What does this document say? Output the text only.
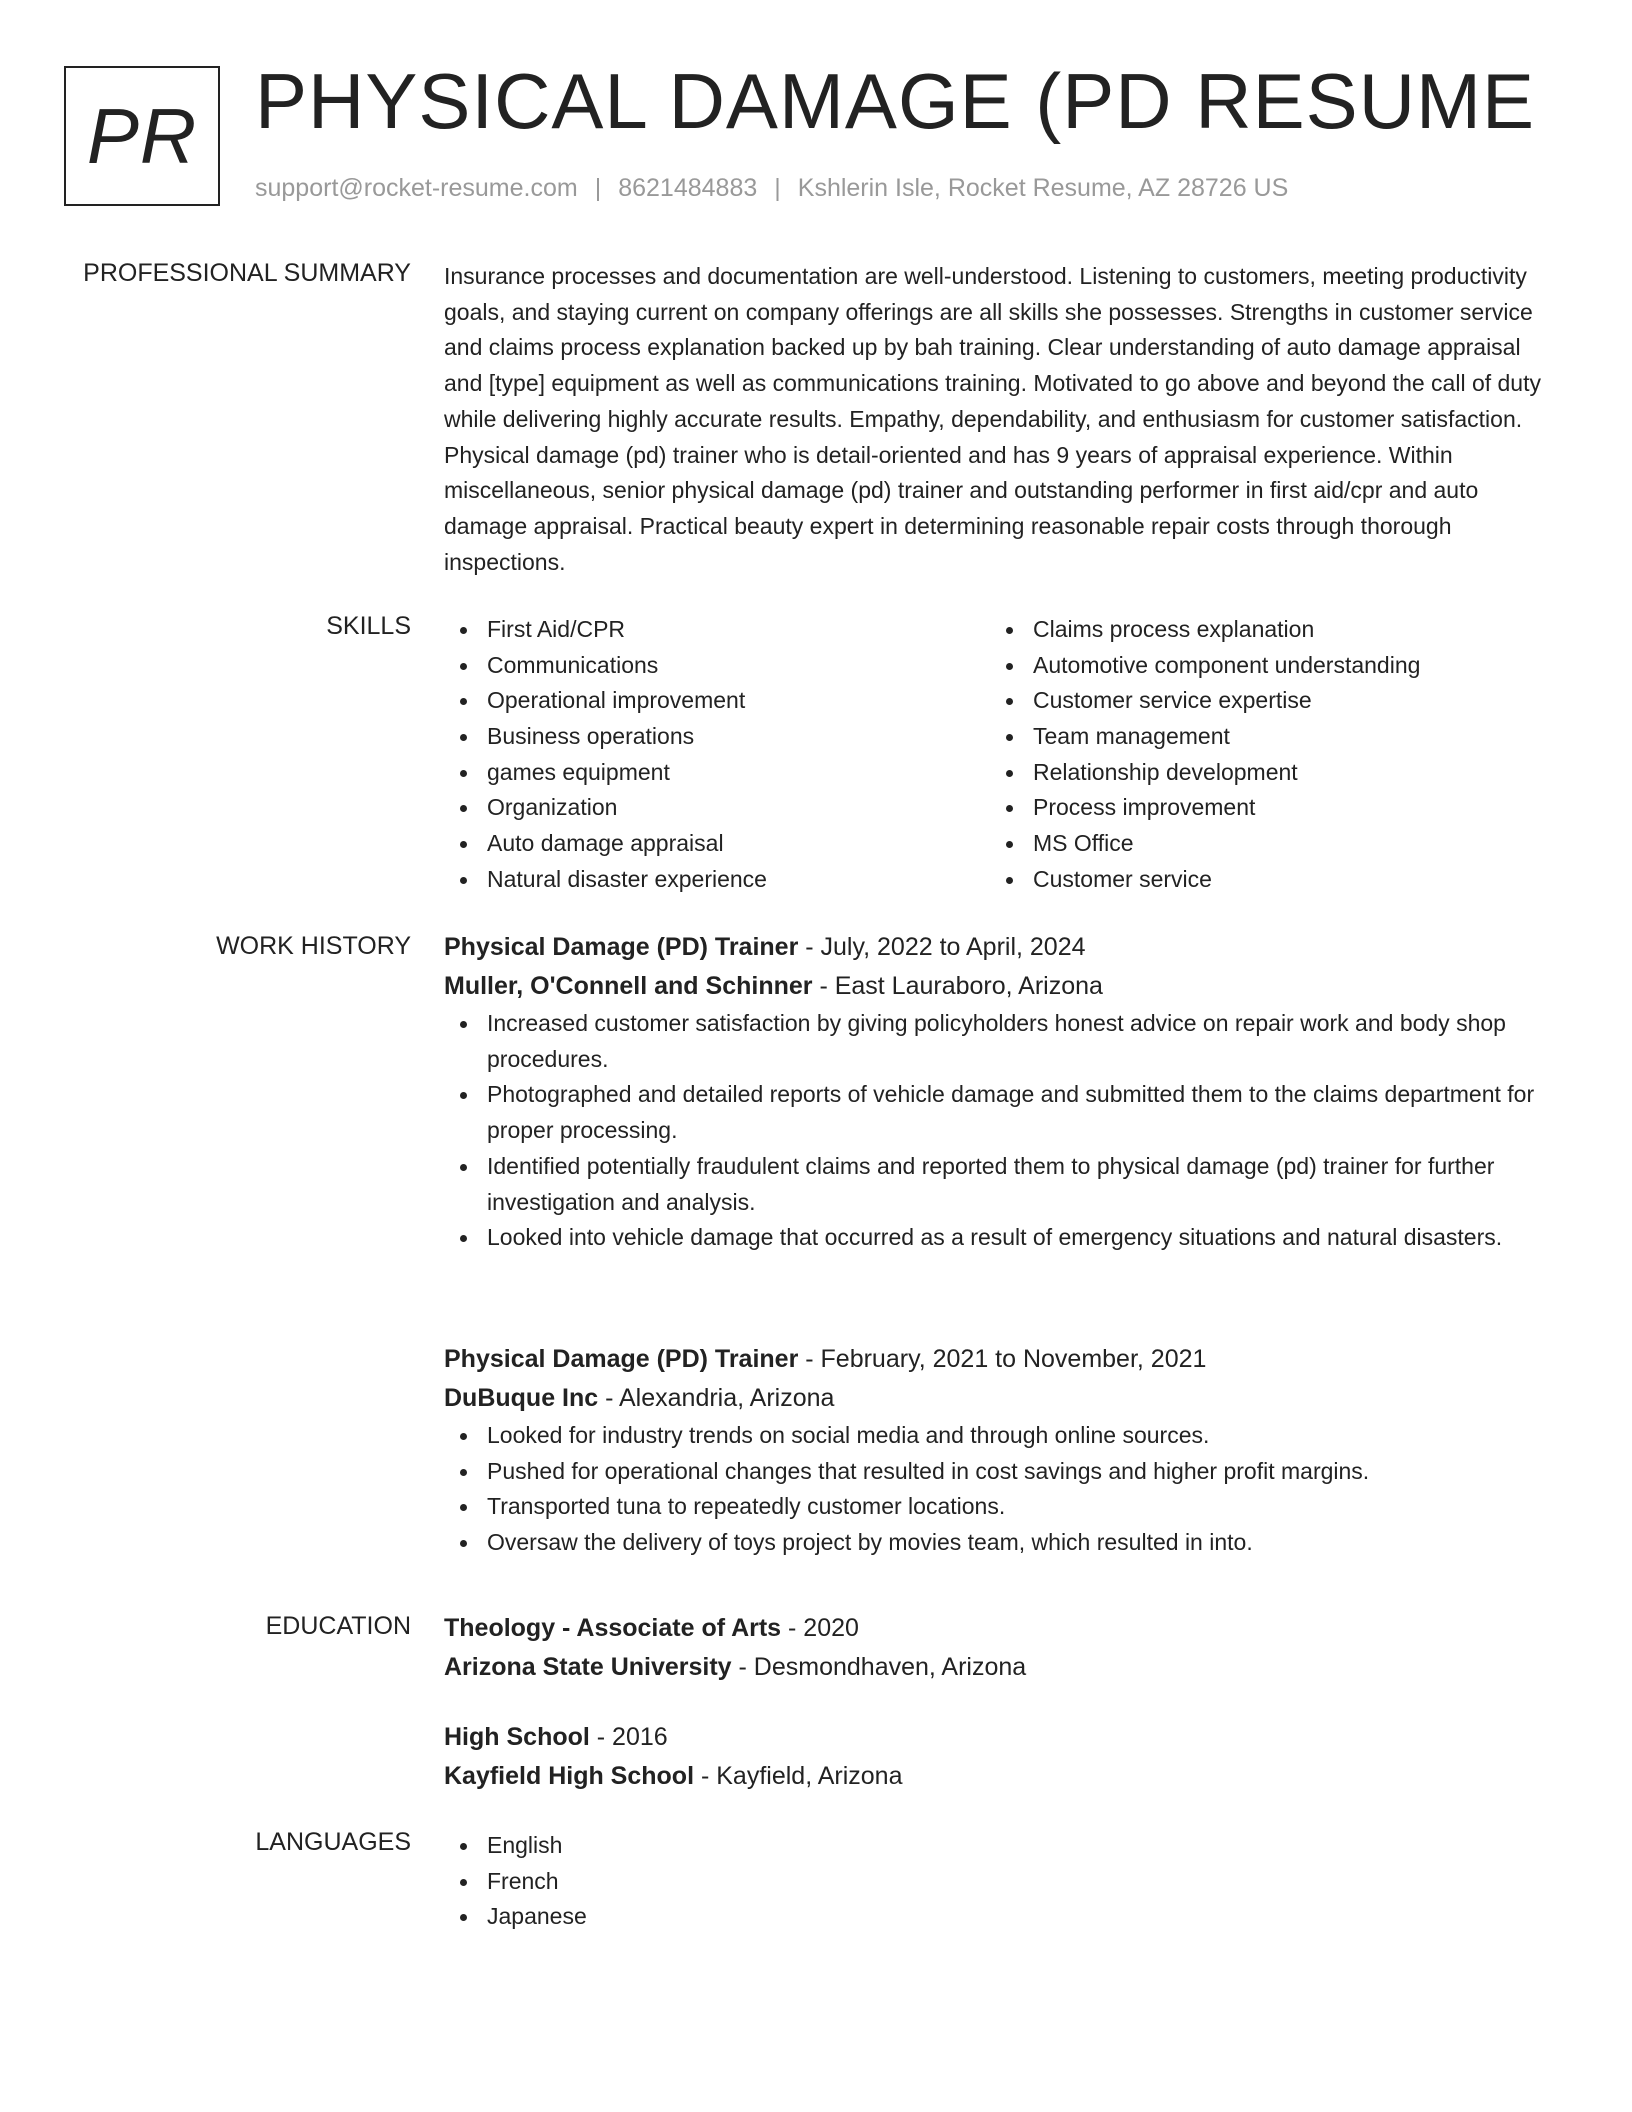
PR PHYSICAL DAMAGE (PD RESUME
support@rocket-resume.com | 8621484883 | Kshlerin Isle, Rocket Resume, AZ 28726 US
PROFESSIONAL SUMMARY Insurance processes and documentation are well-understood. Listening to customers, meeting productivity goals, and staying current on company offerings are all skills she possesses. Strengths in customer service and claims process explanation backed up by bah training. Clear understanding of auto damage appraisal and [type] equipment as well as communications training. Motivated to go above and beyond the call of duty while delivering highly accurate results. Empathy, dependability, and enthusiasm for customer satisfaction. Physical damage (pd) trainer who is detail-oriented and has 9 years of appraisal experience. Within miscellaneous, senior physical damage (pd) trainer and outstanding performer in first aid/cpr and auto damage appraisal. Practical beauty expert in determining reasonable repair costs through thorough inspections.

SKILLS	First Aid/CPR
Communications
Operational improvement
Business operations
games equipment
Organization
Auto damage appraisal
Natural disaster experience
Claims process explanation
Automotive component understanding
Customer service expertise
Team management
Relationship development
Process improvement
MS Office
Customer service
WORK HISTORY Physical Damage (PD) Trainer - July, 2022 to April, 2024
Muller, O'Connell and Schinner - East Lauraboro, Arizona
Increased customer satisfaction by giving policyholders honest advice on repair work and body shop procedures.
Photographed and detailed reports of vehicle damage and submitted them to the claims department for proper processing.
Identified potentially fraudulent claims and reported them to physical damage (pd) trainer for further investigation and analysis.
Looked into vehicle damage that occurred as a result of emergency situations and natural disasters.
Physical Damage (PD) Trainer - February, 2021 to November, 2021
DuBuque Inc - Alexandria, Arizona
Looked for industry trends on social media and through online sources.
Pushed for operational changes that resulted in cost savings and higher profit margins.
Transported tuna to repeatedly customer locations.
Oversaw the delivery of toys project by movies team, which resulted in into.
EDUCATION Theology - Associate of Arts - 2020
Arizona State University - Desmondhaven, Arizona
High School - 2016
Kayfield High School - Kayfield, Arizona
LANGUAGES	English
French
Japanese
